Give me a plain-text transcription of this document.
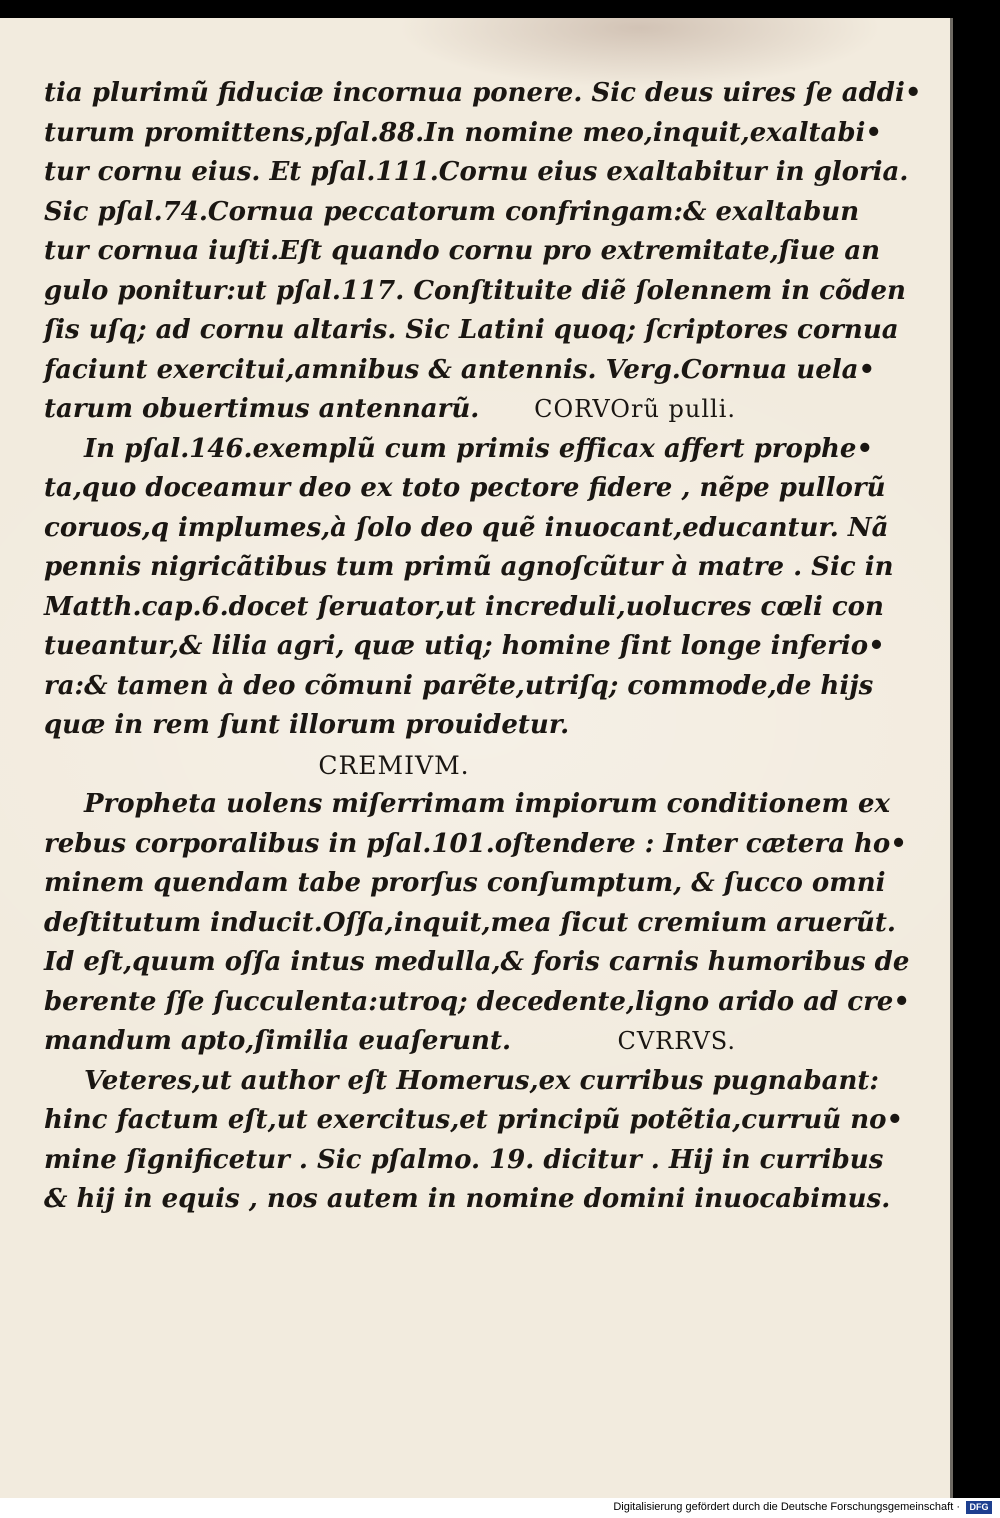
tia plurimũ fiduciæ incornua ponere. Sic deus uires ſe addi•
turum promittens,pſal.88.In nomine meo,inquit,exaltabi•
tur cornu eius. Et pſal.111.Cornu eius exaltabitur in gloria.
Sic pſal.74.Cornua peccatorum confringam:& exaltabun
tur cornua iuſti.Eſt quando cornu pro extremitate,ſiue an
gulo ponitur:ut pſal.117. Conſtituite diẽ ſolennem in cõden
ſis uſq; ad cornu altaris. Sic Latini quoq; ſcriptores cornua
faciunt exercitui,amnibus & antennis. Verg.Cornua uela•
tarum obuertimus antennarũ. CORVOrũ pulli.
In pſal.146.exemplũ cum primis efficax affert prophe•
ta,quo doceamur deo ex toto pectore fidere , nẽpe pullorũ
coruos,q implumes,à ſolo deo quẽ inuocant,educantur. Nã
pennis nigricãtibus tum primũ agnoſcũtur à matre . Sic in
Matth.cap.6.docet ſeruator,ut increduli,uolucres cœli con
tueantur,& lilia agri, quæ utiq; homine ſint longe inferio•
ra:& tamen à deo cõmuni parẽte,utriſq; commode,de hijs
quæ in rem ſunt illorum prouidetur.
CREMIVM.
Propheta uolens miſerrimam impiorum conditionem ex
rebus corporalibus in pſal.101.oſtendere : Inter cætera ho•
minem quendam tabe prorſus conſumptum, & ſucco omni
deſtitutum inducit.Oſſa,inquit,mea ſicut cremium aruerũt.
Id eſt,quum oſſa intus medulla,& foris carnis humoribus de
berente ſſe ſucculenta:utroq; decedente,ligno arido ad cre•
mandum apto,ſimilia euaſerunt.	CVRRVS.
Veteres,ut author eſt Homerus,ex curribus pugnabant:
hinc factum eſt,ut exercitus,et principũ potẽtia,curruũ no•
mine ſignificetur . Sic pſalmo. 19. dicitur . Hij in curribus
& hij in equis , nos autem in nomine domini inuocabimus.
Digitalisierung gefördert durch die Deutsche Forschungsgemeinschaft ·	DFG
